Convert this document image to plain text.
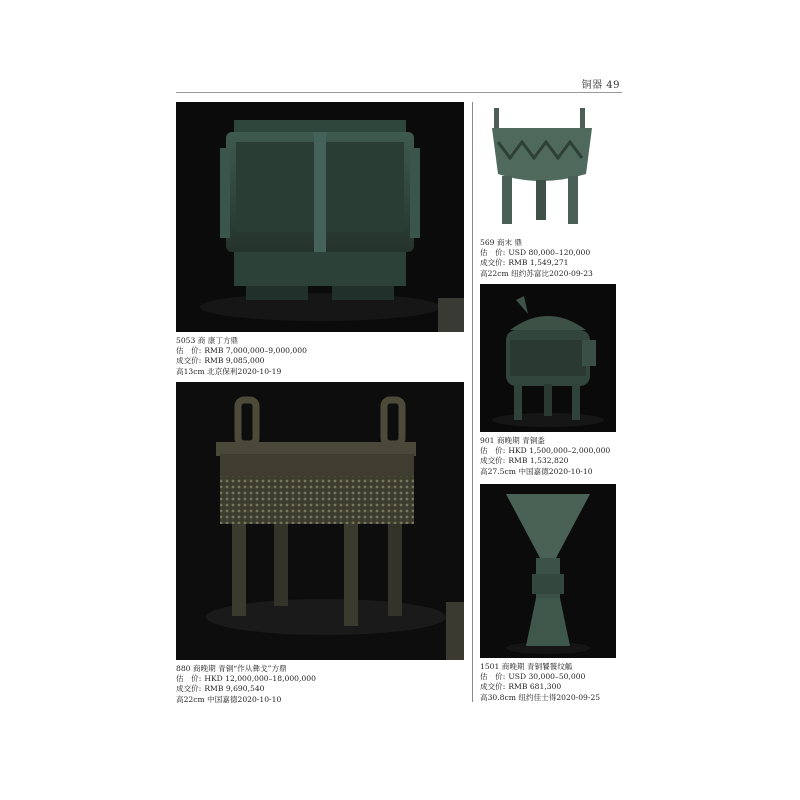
铜器 49
5053 商 康丁方鼎
估　价: RMB 7,000,000–9,000,000
成交价: RMB 9,085,000
高13cm 北京保利2020-10-19
880 商晚期 青铜“作从彝戈”方鼎
估　价: HKD 12,000,000–18,000,000
成交价: RMB 9,690,540
高22cm 中国嘉德2020-10-10
569 商末 鼎
估　价: USD 80,000–120,000
成交价: RMB 1,549,271
高22cm 纽约苏富比2020-09-23
901 商晚期 青铜盉
估　价: HKD 1,500,000–2,000,000
成交价: RMB 1,532,820
高27.5cm 中国嘉德2020-10-10
1501 商晚期 青铜饕餮纹觚
估　价: USD 30,000–50,000
成交价: RMB 681,300
高30.8cm 纽约佳士得2020-09-25
